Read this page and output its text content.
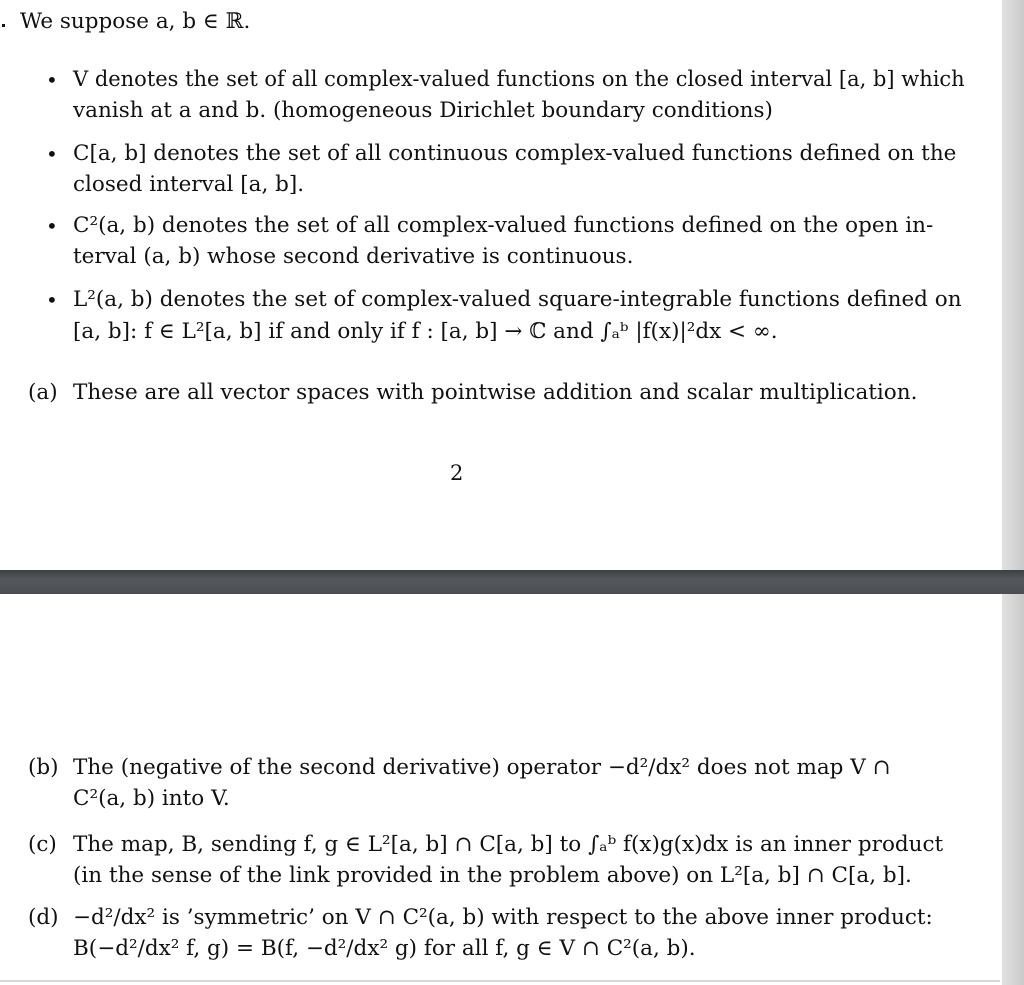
We suppose a, b ∈ ℝ.
• V denotes the set of all complex-valued functions on the closed interval [a, b] which
vanish at a and b. (homogeneous Dirichlet boundary conditions)
• C[a, b] denotes the set of all continuous complex-valued functions defined on the
closed interval [a, b].
• C²(a, b) denotes the set of all complex-valued functions defined on the open in-
terval (a, b) whose second derivative is continuous.
• L²(a, b) denotes the set of complex-valued square-integrable functions defined on
[a, b]: f ∈ L²[a, b] if and only if f : [a, b] → ℂ and ∫ₐᵇ |f(x)|²dx < ∞.
(a) These are all vector spaces with pointwise addition and scalar multiplication.
2
(b) The (negative of the second derivative) operator −d²/dx² does not map V ∩
C²(a, b) into V.
(c) The map, B, sending f, g ∈ L²[a, b] ∩ C[a, b] to ∫ₐᵇ f(x)g(x)dx is an inner product
(in the sense of the link provided in the problem above) on L²[a, b] ∩ C[a, b].
(d) −d²/dx² is ’symmetric’ on V ∩ C²(a, b) with respect to the above inner product:
B(−d²/dx² f, g) = B(f, −d²/dx² g) for all f, g ∈ V ∩ C²(a, b).
